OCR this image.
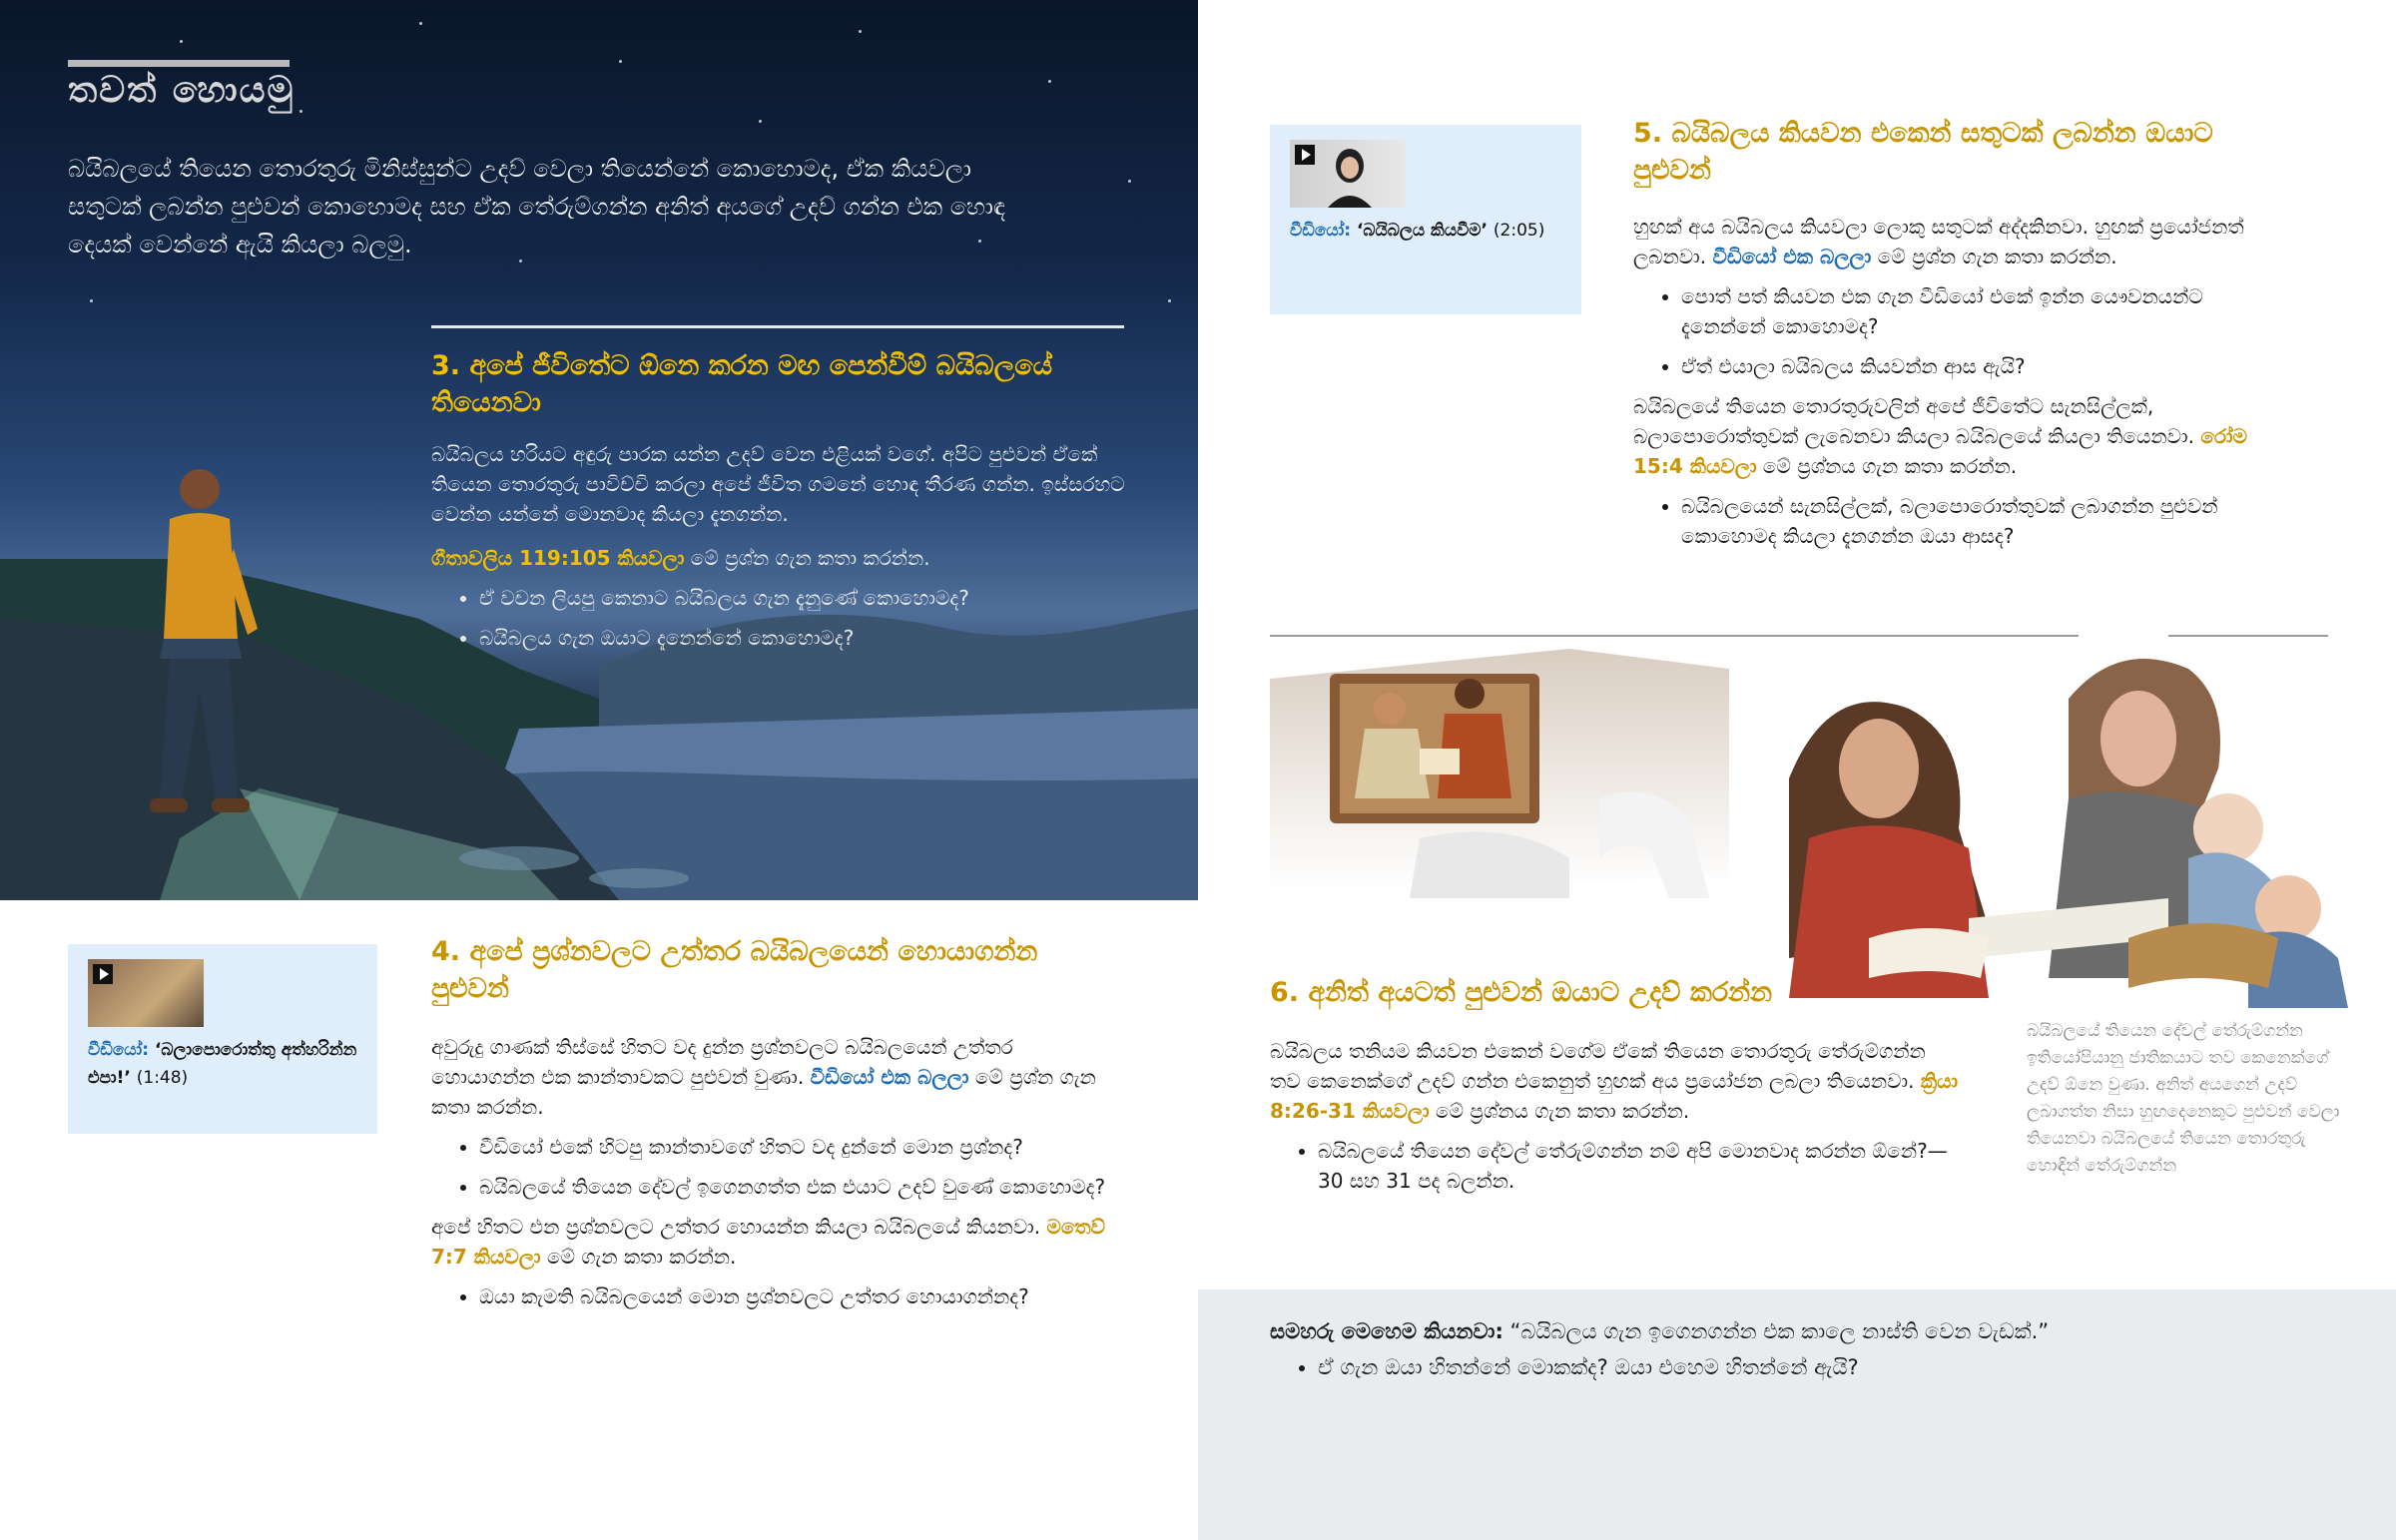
තවත් හොයමු
බයිබලයේ තියෙන තොරතුරු මිනිස්සුන්ට උදව් වෙලා තියෙන්නේ කොහොමද, ඒක කියවලා සතුටක් ලබන්න පුළුවන් කොහොමද සහ ඒක තේරුම්ගන්න අනිත් අයගේ උදව් ගන්න එක හොඳ දෙයක් වෙන්නේ ඇයි කියලා බලමු.
3. අපේ ජීවිතේට ඕනෙ කරන මඟ පෙන්වීම් බයිබලයේ තියෙනවා
බයිබලය හරියට අඳුරු පාරක යන්න උදව් වෙන එළියක් වගේ. අපිට පුළුවන් ඒකේ තියෙන තොරතුරු පාවිච්චි කරලා අපේ ජීවිත ගමනේ හොඳ තීරණ ගන්න. ඉස්සරහට වෙන්න යන්නේ මොනවාද කියලා දැනගන්න.
ගීතාවලිය 119:105 කියවලා මේ ප්‍රශ්න ගැන කතා කරන්න.
• ඒ වචන ලියපු කෙනාට බයිබලය ගැන දැනුණේ කොහොමද?
• බයිබලය ගැන ඔයාට දැනෙන්නේ කොහොමද?
වීඩියෝ: ‘බලාපොරොත්තු අත්හරින්න එපා!’ (1:48)
4. අපේ ප්‍රශ්නවලට උත්තර බයිබලයෙන් හොයාගන්න පුළුවන්
අවුරුදු ගාණක් තිස්සේ හිතට වද දුන්න ප්‍රශ්නවලට බයිබලයෙන් උත්තර හොයාගන්න එක කාන්තාවකට පුළුවන් වුණා. වීඩියෝ එක බලලා මේ ප්‍රශ්න ගැන කතා කරන්න.
• වීඩියෝ එකේ හිටපු කාන්තාවගේ හිතට වද දුන්නේ මොන ප්‍රශ්නද?
• බයිබලයේ තියෙන දේවල් ඉගෙනගත්ත එක එයාට උදව් වුණේ කොහොමද?
අපේ හිතට එන ප්‍රශ්නවලට උත්තර හොයන්න කියලා බයිබලයේ කියනවා. මතෙව් 7:7 කියවලා මේ ගැන කතා කරන්න.
• ඔයා කැමති බයිබලයෙන් මොන ප්‍රශ්නවලට උත්තර හොයාගන්නද?
වීඩියෝ: ‘බයිබලය කියවීම’ (2:05)
5. බයිබලය කියවන එකෙන් සතුටක් ලබන්න ඔයාට පුළුවන්
හුඟක් අය බයිබලය කියවලා ලොකු සතුටක් අද්දකිනවා. හුඟක් ප්‍රයෝජනත් ලබනවා. වීඩියෝ එක බලලා මේ ප්‍රශ්න ගැන කතා කරන්න.
• පොත් පත් කියවන එක ගැන වීඩියෝ එකේ ඉන්න යෞවනයන්ට දැනෙන්නේ කොහොමද?
• ඒත් එයාලා බයිබලය කියවන්න ආස ඇයි?
බයිබලයේ තියෙන තොරතුරුවලින් අපේ ජීවිතේට සැනසිල්ලක්, බලාපොරොත්තුවක් ලැබෙනවා කියලා බයිබලයේ කියලා තියෙනවා. රෝම 15:4 කියවලා මේ ප්‍රශ්නය ගැන කතා කරන්න.
• බයිබලයෙන් සැනසිල්ලක්, බලාපොරොත්තුවක් ලබාගන්න පුළුවන් කොහොමද කියලා දැනගන්න ඔයා ආසද?
බයිබලයේ තියෙන දේවල් තේරුම්ගන්න ඉතියෝපියානු ජාතිකයාට තව කෙනෙක්ගේ උදව් ඕනෙ වුණා. අනිත් අයගෙන් උදව් ලබාගත්ත නිසා හුඟදෙනෙකුට පුළුවන් වෙලා තියෙනවා බයිබලයේ තියෙන තොරතුරු හොඳින් තේරුම්ගන්න
6. අනිත් අයටත් පුළුවන් ඔයාට උදව් කරන්න
බයිබලය තනියම කියවන එකෙන් වගේම ඒකේ තියෙන තොරතුරු තේරුම්ගන්න තව කෙනෙක්ගේ උදව් ගන්න එකෙනුත් හුඟක් අය ප්‍රයෝජන ලබලා තියෙනවා. ක්‍රියා 8:26-31 කියවලා මේ ප්‍රශ්නය ගැන කතා කරන්න.
• බයිබලයේ තියෙන දේවල් තේරුම්ගන්න නම් අපි මොනවාද කරන්න ඕනේ?—30 සහ 31 පද බලන්න.
සමහරු මෙහෙම කියනවා: “බයිබලය ගැන ඉගෙනගන්න එක කාලෙ නාස්ති වෙන වැඩක්.”
• ඒ ගැන ඔයා හිතන්නේ මොකක්ද? ඔයා එහෙම හිතන්නේ ඇයි?
